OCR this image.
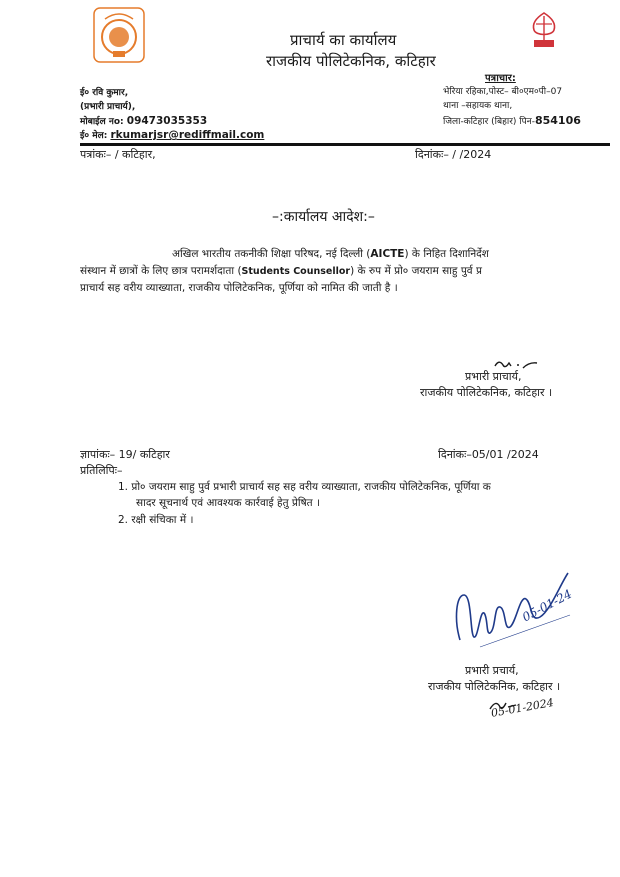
प्राचार्य का कार्यालय
राजकीय पोलिटेकनिक, कटिहार
ई० रवि कुमार,
(प्रभारी प्राचार्य),
मोबाईल नo: 09473035353
ई० मेल: rkumarjsr@rediffmail.com
पत्राचार:
भेरिया रहिका,पोस्ट– बी०एम०पी–07
थाना –सहायक थाना,
जिला-कटिहार (बिहार) पिन-854106
पत्रांकः– / कटिहार,	दिनांकः– / /2024
–:कार्यालय आदेश:–
अखिल भारतीय तकनीकी शिक्षा परिषद, नई दिल्ली (AICTE) के निहित दिशानिर्देश
संस्थान में छात्रों के लिए छात्र परामर्शदाता (Students Counsellor) के रुप में प्रो० जयराम साहु पुर्व प्र
प्राचार्य सह वरीय व्याख्याता, राजकीय पोलिटेकनिक, पूर्णिया को नामित की जाती है ।
प्रभारी प्राचार्य,
राजकीय पोलिटेकनिक, कटिहार ।
ज्ञापांकः– 19/ कटिहार	दिनांकः–05/01 /2024
प्रतिलिपिः–
1. प्रो० जयराम साहु पुर्व प्रभारी प्राचार्य सह सह वरीय व्याख्याता, राजकीय पोलिटेकनिक, पूर्णिया क
सादर सूचनार्थ एवं आवश्यक कार्रवाई हेतु प्रेषित ।
2. रक्षी संचिका में ।
05-01-24
प्रभारी प्रचार्य,
राजकीय पोलिटेकनिक, कटिहार ।
05-01-2024
